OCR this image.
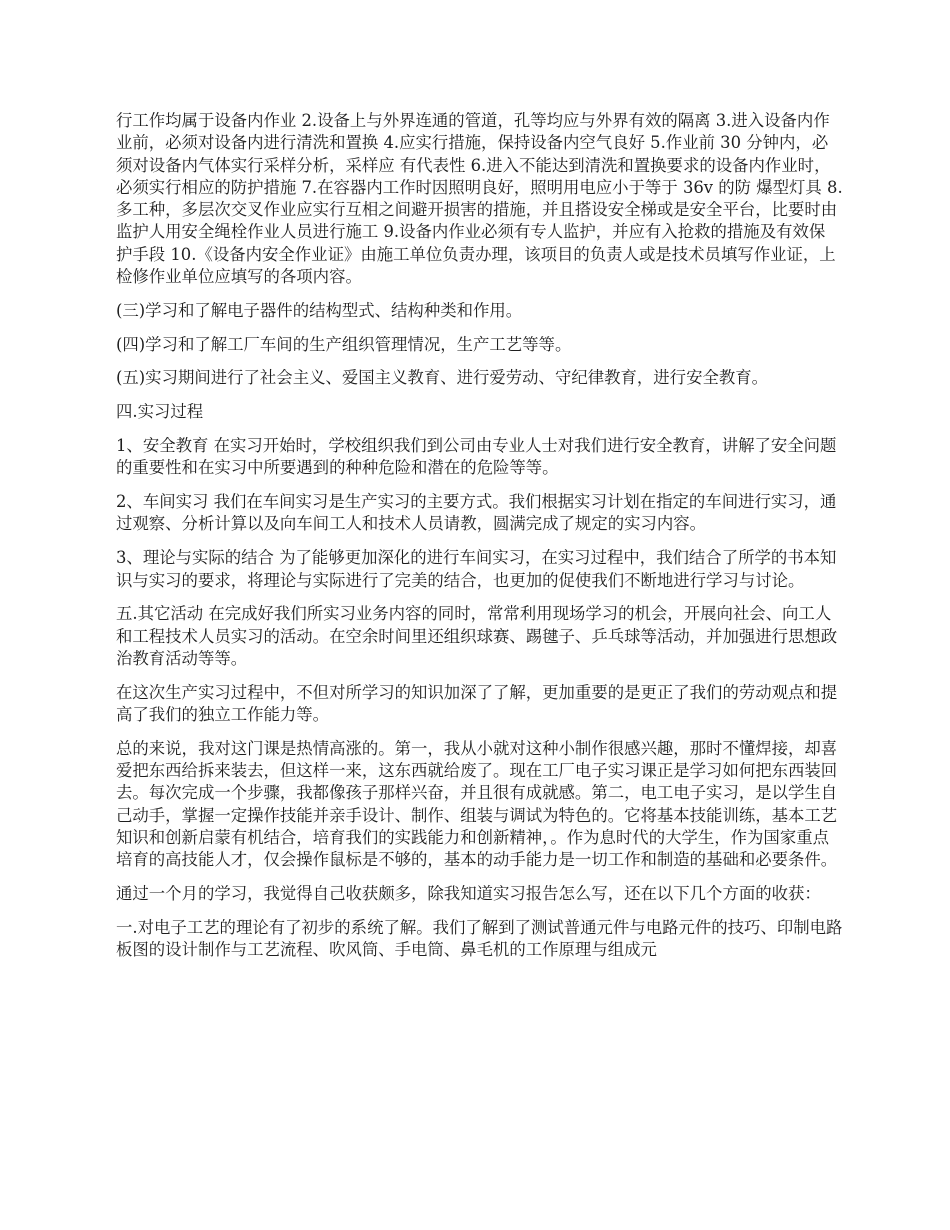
行工作均属于设备内作业 2.设备上与外界连通的管道，孔等均应与外界有效的隔离 3.进入设备内作业前，必须对设备内进行清洗和置换 4.应实行措施，保持设备内空气良好 5.作业前 30 分钟内，必须对设备内气体实行采样分析，采样应 有代表性 6.进入不能达到清洗和置换要求的设备内作业时，必须实行相应的防护措施 7.在容器内工作时因照明良好，照明用电应小于等于 36v 的防 爆型灯具 8.多工种，多层次交叉作业应实行互相之间避开损害的措施，并且搭设安全梯或是安全平台，比要时由监护人用安全绳栓作业人员进行施工 9.设备内作业必须有专人监护，并应有入抢救的措施及有效保 护手段 10.《设备内安全作业证》由施工单位负责办理，该项目的负责人或是技术员填写作业证，上检修作业单位应填写的各项内容。

(三)学习和了解电子器件的结构型式、结构种类和作用。

(四)学习和了解工厂车间的生产组织管理情况，生产工艺等等。

(五)实习期间进行了社会主义、爱国主义教育、进行爱劳动、守纪律教育，进行安全教育。

四.实习过程

1、安全教育 在实习开始时，学校组织我们到公司由专业人士对我们进行安全教育，讲解了安全问题的重要性和在实习中所要遇到的种种危险和潜在的危险等等。

2、车间实习 我们在车间实习是生产实习的主要方式。我们根据实习计划在指定的车间进行实习，通过观察、分析计算以及向车间工人和技术人员请教，圆满完成了规定的实习内容。

3、理论与实际的结合 为了能够更加深化的进行车间实习，在实习过程中，我们结合了所学的书本知识与实习的要求，将理论与实际进行了完美的结合，也更加的促使我们不断地进行学习与讨论。

五.其它活动 在完成好我们所实习业务内容的同时，常常利用现场学习的机会，开展向社会、向工人和工程技术人员实习的活动。在空余时间里还组织球赛、踢毽子、乒乓球等活动，并加强进行思想政治教育活动等等。

在这次生产实习过程中，不但对所学习的知识加深了了解，更加重要的是更正了我们的劳动观点和提高了我们的独立工作能力等。

总的来说，我对这门课是热情高涨的。第一，我从小就对这种小制作很感兴趣，那时不懂焊接，却喜爱把东西给拆来装去，但这样一来，这东西就给废了。现在工厂电子实习课正是学习如何把东西装回去。每次完成一个步骤，我都像孩子那样兴奋，并且很有成就感。第二，电工电子实习，是以学生自己动手，掌握一定操作技能并亲手设计、制作、组装与调试为特色的。它将基本技能训练，基本工艺知识和创新启蒙有机结合，培育我们的实践能力和创新精神，。作为息时代的大学生，作为国家重点培育的高技能人才，仅会操作鼠标是不够的，基本的动手能力是一切工作和制造的基础和必要条件。

通过一个月的学习，我觉得自己收获颇多，除我知道实习报告怎么写，还在以下几个方面的收获：

一.对电子工艺的理论有了初步的系统了解。我们了解到了测试普通元件与电路元件的技巧、印制电路板图的设计制作与工艺流程、吹风筒、手电筒、鼻毛机的工作原理与组成元
